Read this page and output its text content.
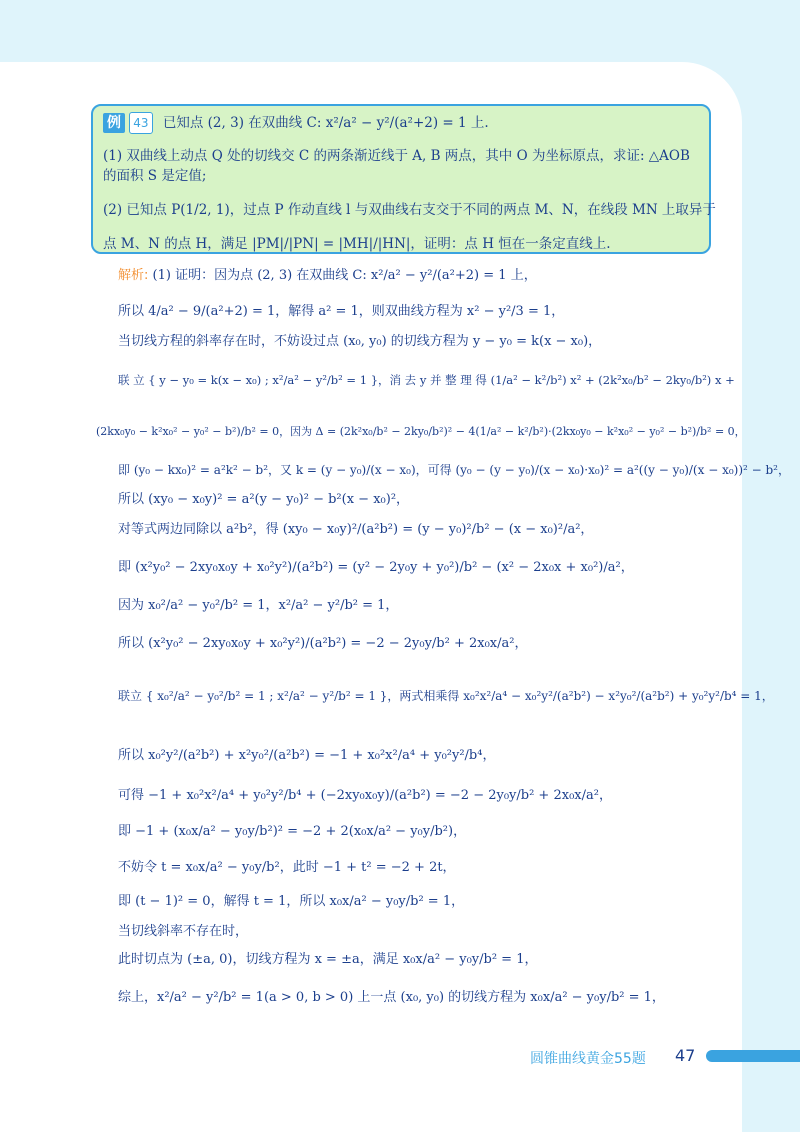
例 43 已知点 (2, 3) 在双曲线 C: x²/a² − y²/(a²+2) = 1 上.

(1) 双曲线上动点 Q 处的切线交 C 的两条渐近线于 A, B 两点，其中 O 为坐标原点，求证: △AOB

的面积 S 是定值;

(2) 已知点 P(1/2, 1)，过点 P 作动直线 l 与双曲线右支交于不同的两点 M、N，在线段 MN 上取异于

点 M、N 的点 H，满足 |PM|/|PN| = |MH|/|HN|，证明：点 H 恒在一条定直线上.

解析: (1) 证明：因为点 (2, 3) 在双曲线 C: x²/a² − y²/(a²+2) = 1 上，
所以 4/a² − 9/(a²+2) = 1，解得 a² = 1，则双曲线方程为 x² − y²/3 = 1，
当切线方程的斜率存在时，不妨设过点 (x₀, y₀) 的切线方程为 y − y₀ = k(x − x₀)，
联 立 { y − y₀ = k(x − x₀) ; x²/a² − y²/b² = 1 }，消 去 y 并 整 理 得 (1/a² − k²/b²) x² + (2k²x₀/b² − 2ky₀/b²) x +
(2kx₀y₀ − k²x₀² − y₀² − b²)/b² = 0，因为 Δ = (2k²x₀/b² − 2ky₀/b²)² − 4(1/a² − k²/b²)·(2kx₀y₀ − k²x₀² − y₀² − b²)/b² = 0，
即 (y₀ − kx₀)² = a²k² − b²，又 k = (y − y₀)/(x − x₀)，可得 (y₀ − (y − y₀)/(x − x₀)·x₀)² = a²((y − y₀)/(x − x₀))² − b²，
所以 (xy₀ − x₀y)² = a²(y − y₀)² − b²(x − x₀)²，
对等式两边同除以 a²b²，得 (xy₀ − x₀y)²/(a²b²) = (y − y₀)²/b² − (x − x₀)²/a²，
即 (x²y₀² − 2xy₀x₀y + x₀²y²)/(a²b²) = (y² − 2y₀y + y₀²)/b² − (x² − 2x₀x + x₀²)/a²，
因为 x₀²/a² − y₀²/b² = 1，x²/a² − y²/b² = 1，
所以 (x²y₀² − 2xy₀x₀y + x₀²y²)/(a²b²) = −2 − 2y₀y/b² + 2x₀x/a²，
联立 { x₀²/a² − y₀²/b² = 1 ; x²/a² − y²/b² = 1 }，两式相乘得 x₀²x²/a⁴ − x₀²y²/(a²b²) − x²y₀²/(a²b²) + y₀²y²/b⁴ = 1，
所以 x₀²y²/(a²b²) + x²y₀²/(a²b²) = −1 + x₀²x²/a⁴ + y₀²y²/b⁴，
可得 −1 + x₀²x²/a⁴ + y₀²y²/b⁴ + (−2xy₀x₀y)/(a²b²) = −2 − 2y₀y/b² + 2x₀x/a²，
即 −1 + (x₀x/a² − y₀y/b²)² = −2 + 2(x₀x/a² − y₀y/b²)，
不妨令 t = x₀x/a² − y₀y/b²，此时 −1 + t² = −2 + 2t，
即 (t − 1)² = 0，解得 t = 1，所以 x₀x/a² − y₀y/b² = 1，
当切线斜率不存在时，
此时切点为 (±a, 0)，切线方程为 x = ±a，满足 x₀x/a² − y₀y/b² = 1，
综上，x²/a² − y²/b² = 1(a > 0, b > 0) 上一点 (x₀, y₀) 的切线方程为 x₀x/a² − y₀y/b² = 1，
圆锥曲线黄金55题 47
